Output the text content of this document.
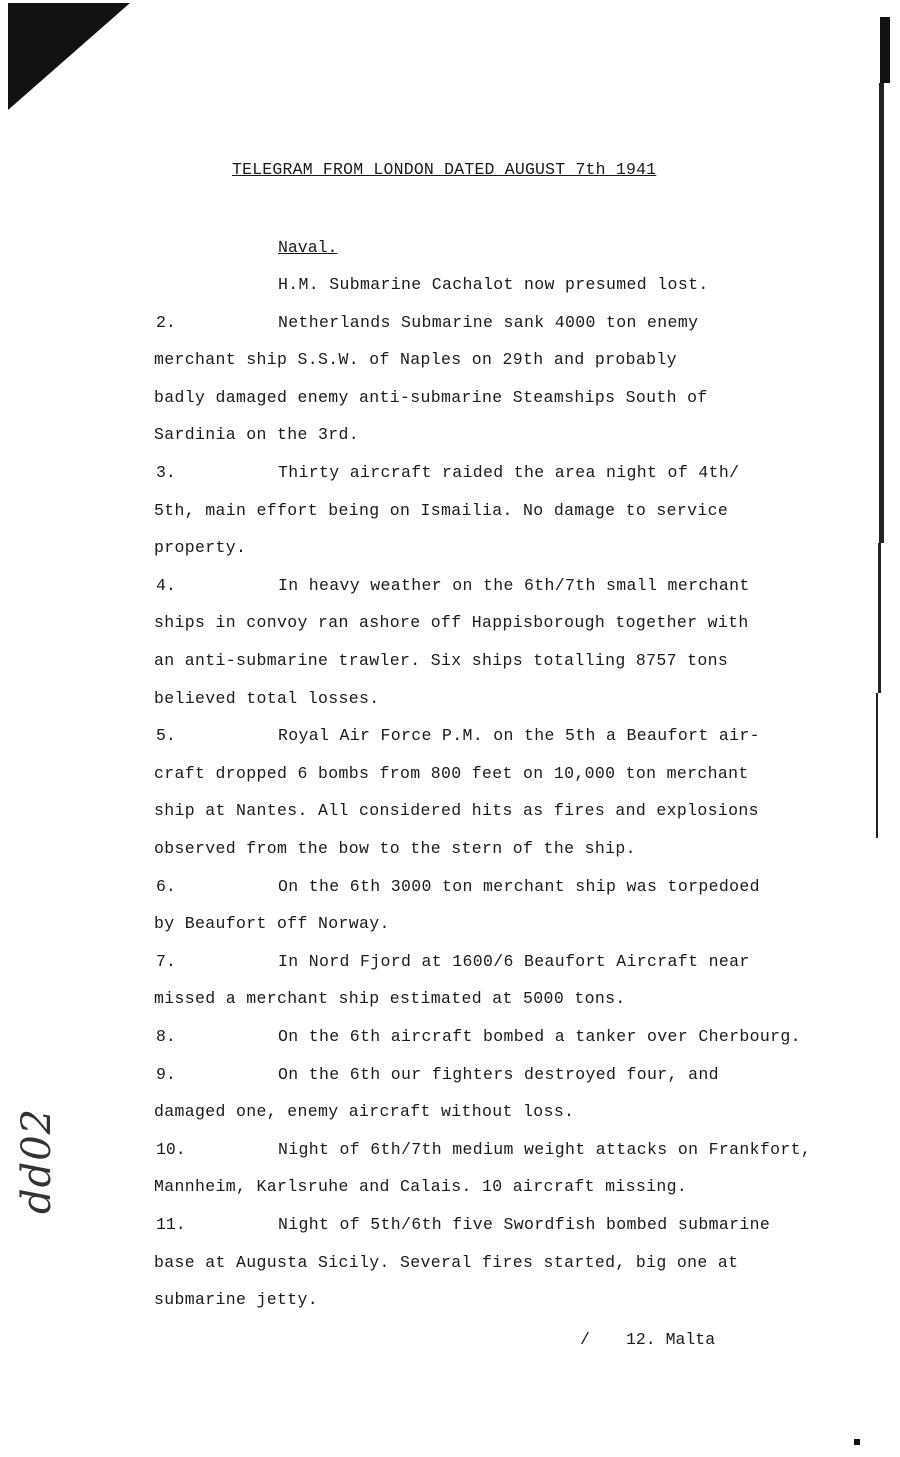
TELEGRAM FROM LONDON DATED AUGUST 7th 1941
Naval.
H.M. Submarine Cachalot now presumed lost.
2.	Netherlands Submarine sank 4000 ton enemy
merchant ship S.S.W. of Naples on 29th and probably
badly damaged enemy anti-submarine Steamships South of
Sardinia on the 3rd.
3.	Thirty aircraft raided the area night of 4th/
5th, main effort being on Ismailia. No damage to service
property.
4.	In heavy weather on the 6th/7th small merchant
ships in convoy ran ashore off Happisborough together with
an anti-submarine trawler. Six ships totalling 8757 tons
believed total losses.
5.	Royal Air Force P.M. on the 5th a Beaufort air-
craft dropped 6 bombs from 800 feet on 10,000 ton merchant
ship at Nantes. All considered hits as fires and explosions
observed from the bow to the stern of the ship.
6.	On the 6th 3000 ton merchant ship was torpedoed
by Beaufort off Norway.
7.	In Nord Fjord at 1600/6 Beaufort Aircraft near
missed a merchant ship estimated at 5000 tons.
8.	On the 6th aircraft bombed a tanker over Cherbourg.
9.	On the 6th our fighters destroyed four, and
damaged one, enemy aircraft without loss.
10.	Night of 6th/7th medium weight attacks on Frankfort,
Mannheim, Karlsruhe and Calais. 10 aircraft missing.
11.	Night of 5th/6th five Swordfish bombed submarine
base at Augusta Sicily. Several fires started, big one at
submarine jetty.
dd02
/ 12. Malta
